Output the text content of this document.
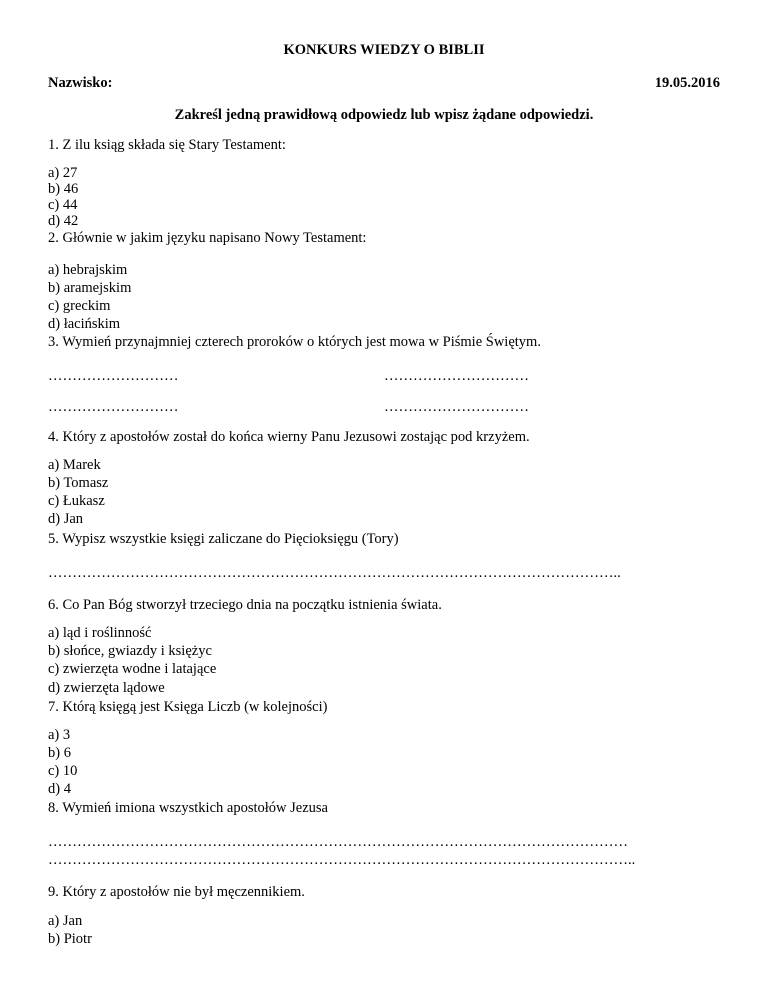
KONKURS WIEDZY O BIBLII
Nazwisko:	19.05.2016
Zakreśl jedną prawidłową odpowiedz lub wpisz żądane odpowiedzi.
1. Z ilu ksiąg składa się Stary Testament:
a) 27
b) 46
c) 44
d) 42
2. Głównie w jakim języku napisano Nowy Testament:
a) hebrajskim
b) aramejskim
c) greckim
d) łacińskim
3. Wymień przynajmniej czterech proroków o których jest mowa w Piśmie Świętym.
………………………	…………………………
………………………	…………………………
4. Który z apostołów został do końca wierny Panu Jezusowi zostając pod krzyżem.
a) Marek
b) Tomasz
c) Łukasz
d) Jan
5. Wypisz wszystkie księgi zaliczane do Pięcioksięgu (Tory)
………………………………………………………………………………………………………..
6. Co Pan Bóg stworzył trzeciego dnia na początku istnienia świata.
a) ląd i roślinność
b) słońce, gwiazdy i księżyc
c) zwierzęta wodne i latające
d) zwierzęta lądowe
7. Którą księgą jest Księga Liczb (w kolejności)
a) 3
b) 6
c) 10
d) 4
8. Wymień imiona wszystkich apostołów Jezusa
…………………………………………………………………………………………………………
…………………………………………………………………………………………………………..
9. Który z apostołów nie był męczennikiem.
a) Jan
b) Piotr
